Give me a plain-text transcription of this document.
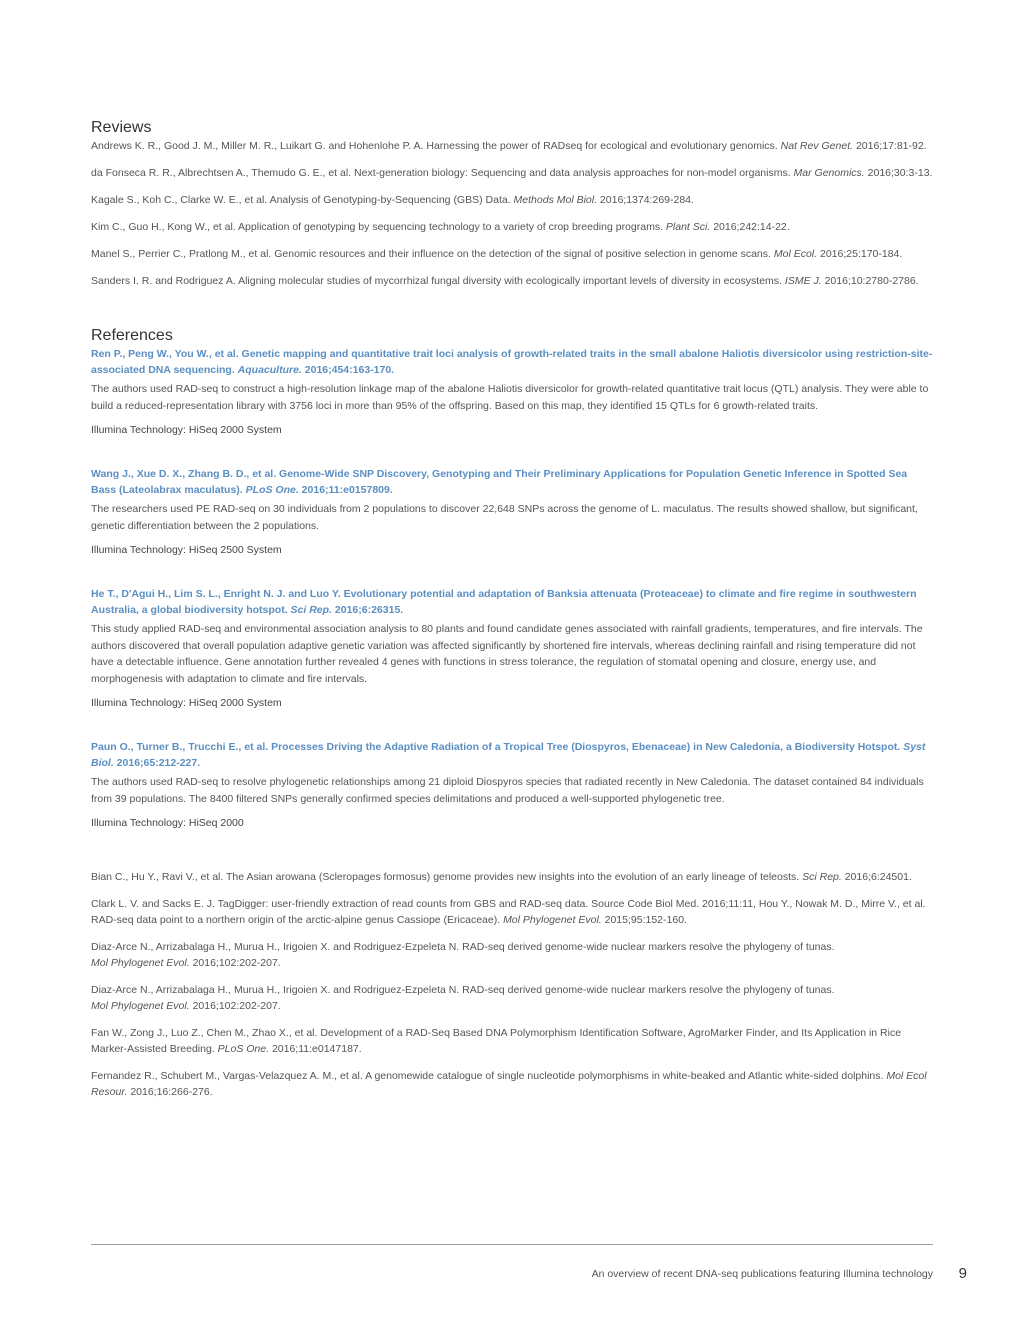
Reviews

Andrews K. R., Good J. M., Miller M. R., Luikart G. and Hohenlohe P. A. Harnessing the power of RADseq for ecological and evolutionary genomics. Nat Rev Genet. 2016;17:81-92.

da Fonseca R. R., Albrechtsen A., Themudo G. E., et al. Next-generation biology: Sequencing and data analysis approaches for non-model organisms. Mar Genomics. 2016;30:3-13.

Kagale S., Koh C., Clarke W. E., et al. Analysis of Genotyping-by-Sequencing (GBS) Data. Methods Mol Biol. 2016;1374:269-284.

Kim C., Guo H., Kong W., et al. Application of genotyping by sequencing technology to a variety of crop breeding programs. Plant Sci. 2016;242:14-22.

Manel S., Perrier C., Pratlong M., et al. Genomic resources and their influence on the detection of the signal of positive selection in genome scans. Mol Ecol. 2016;25:170-184.

Sanders I. R. and Rodriguez A. Aligning molecular studies of mycorrhizal fungal diversity with ecologically important levels of diversity in ecosystems. ISME J. 2016;10:2780-2786.

References

Ren P., Peng W., You W., et al. Genetic mapping and quantitative trait loci analysis of growth-related traits in the small abalone Haliotis diversicolor using restriction-site-associated DNA sequencing. Aquaculture. 2016;454:163-170.

The authors used RAD-seq to construct a high-resolution linkage map of the abalone Haliotis diversicolor for growth-related quantitative trait locus (QTL) analysis. They were able to build a reduced-representation library with 3756 loci in more than 95% of the offspring. Based on this map, they identified 15 QTLs for 6 growth-related traits.

Illumina Technology: HiSeq 2000 System

Wang J., Xue D. X., Zhang B. D., et al. Genome-Wide SNP Discovery, Genotyping and Their Preliminary Applications for Population Genetic Inference in Spotted Sea Bass (Lateolabrax maculatus). PLoS One. 2016;11:e0157809.

The researchers used PE RAD-seq on 30 individuals from 2 populations to discover 22,648 SNPs across the genome of L. maculatus. The results showed shallow, but significant, genetic differentiation between the 2 populations.

Illumina Technology: HiSeq 2500 System

He T., D'Agui H., Lim S. L., Enright N. J. and Luo Y. Evolutionary potential and adaptation of Banksia attenuata (Proteaceae) to climate and fire regime in southwestern Australia, a global biodiversity hotspot. Sci Rep. 2016;6:26315.

This study applied RAD-seq and environmental association analysis to 80 plants and found candidate genes associated with rainfall gradients, temperatures, and fire intervals. The authors discovered that overall population adaptive genetic variation was affected significantly by shortened fire intervals, whereas declining rainfall and rising temperature did not have a detectable influence. Gene annotation further revealed 4 genes with functions in stress tolerance, the regulation of stomatal opening and closure, energy use, and morphogenesis with adaptation to climate and fire intervals.

Illumina Technology: HiSeq 2000 System

Paun O., Turner B., Trucchi E., et al. Processes Driving the Adaptive Radiation of a Tropical Tree (Diospyros, Ebenaceae) in New Caledonia, a Biodiversity Hotspot. Syst Biol. 2016;65:212-227.

The authors used RAD-seq to resolve phylogenetic relationships among 21 diploid Diospyros species that radiated recently in New Caledonia. The dataset contained 84 individuals from 39 populations. The 8400 filtered SNPs generally confirmed species delimitations and produced a well-supported phylogenetic tree.

Illumina Technology: HiSeq 2000

Bian C., Hu Y., Ravi V., et al. The Asian arowana (Scleropages formosus) genome provides new insights into the evolution of an early lineage of teleosts. Sci Rep. 2016;6:24501.

Clark L. V. and Sacks E. J. TagDigger: user-friendly extraction of read counts from GBS and RAD-seq data. Source Code Biol Med. 2016;11:11, Hou Y., Nowak M. D., Mirre V., et al. RAD-seq data point to a northern origin of the arctic-alpine genus Cassiope (Ericaceae). Mol Phylogenet Evol. 2015;95:152-160.

Diaz-Arce N., Arrizabalaga H., Murua H., Irigoien X. and Rodriguez-Ezpeleta N. RAD-seq derived genome-wide nuclear markers resolve the phylogeny of tunas.
Mol Phylogenet Evol. 2016;102:202-207.

Diaz-Arce N., Arrizabalaga H., Murua H., Irigoien X. and Rodriguez-Ezpeleta N. RAD-seq derived genome-wide nuclear markers resolve the phylogeny of tunas.
Mol Phylogenet Evol. 2016;102:202-207.

Fan W., Zong J., Luo Z., Chen M., Zhao X., et al. Development of a RAD-Seq Based DNA Polymorphism Identification Software, AgroMarker Finder, and Its Application in Rice Marker-Assisted Breeding. PLoS One. 2016;11:e0147187.

Fernandez R., Schubert M., Vargas-Velazquez A. M., et al. A genomewide catalogue of single nucleotide polymorphisms in white-beaked and Atlantic white-sided dolphins. Mol Ecol Resour. 2016;16:266-276.

An overview of recent DNA-seq publications featuring Illumina technology 9
